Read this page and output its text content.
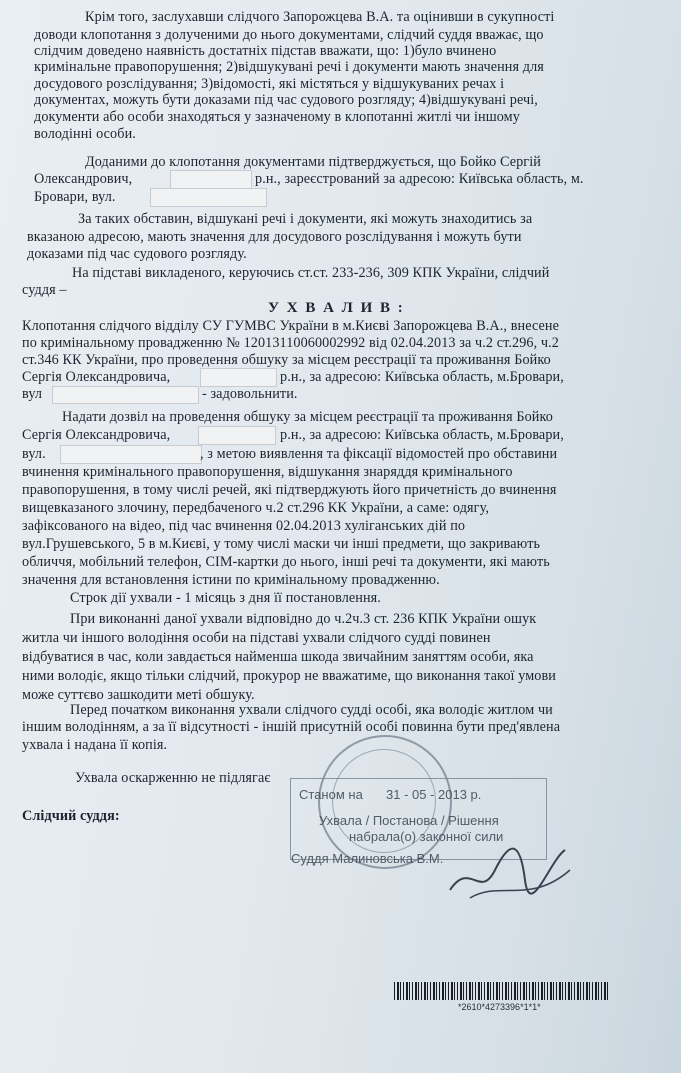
Крім того, заслухавши слідчого Запорожцева В.А. та оцінивши в сукупності
доводи клопотання з долученими до нього документами, слідчий суддя вважає, що
слідчим доведено наявність достатніх підстав вважати, що: 1)було вчинено
кримінальне правопорушення; 2)відшукувані речі і документи мають значення для
досудового розслідування; 3)відомості, які містяться у відшукуваних речах і
документах, можуть бути доказами під час судового розгляду; 4)відшукувані речі,
документи або особи знаходяться у зазначеному в клопотанні житлі чи іншому
володінні особи.
Доданими до клопотання документами підтверджується, що Бойко Сергій
Олександрович,	р.н., зареєстрований за адресою: Київська область, м.
Бровари, вул.
За таких обставин, відшукані речі і документи, які можуть знаходитись за
вказаною адресою, мають значення для досудового розслідування і можуть бути
доказами під час судового розгляду.
На підставі викладеного, керуючись ст.ст. 233-236, 309 КПК України, слідчий
суддя –
У Х В А Л И В :
Клопотання слідчого відділу СУ ГУМВС України в м.Києві Запорожцева В.А., внесене
по кримінальному провадженню № 12013110060002992 від 02.04.2013 за ч.2 ст.296, ч.2
ст.346 КК України, про проведення обшуку за місцем реєстрації та проживання Бойко
Сергія Олександровича,	р.н., за адресою: Київська область, м.Бровари,
вул	- задовольнити.
Надати дозвіл на проведення обшуку за місцем реєстрації та проживання Бойко
Сергія Олександровича,	р.н., за адресою: Київська область, м.Бровари,
вул.	, з метою виявлення та фіксації відомостей про обставини
вчинення кримінального правопорушення, відшукання знаряддя кримінального
правопорушення, в тому числі речей, які підтверджують його причетність до вчинення
вищевказаного злочину, передбаченого ч.2 ст.296 КК України, а саме: одягу,
зафіксованого на відео, під час вчинення 02.04.2013 хуліганських дій по
вул.Грушевського, 5 в м.Києві, у тому числі маски чи інші предмети, що закривають
обличчя, мобільний телефон, СІМ-картки до нього, інші речі та документи, які мають
значення для встановлення істини по кримінальному провадженню.
Строк дії ухвали - 1 місяць з дня її постановлення.
При виконанні даної ухвали відповідно до ч.2ч.3 ст. 236 КПК України ошук
житла чи іншого володіння особи на підставі ухвали слідчого судді повинен
відбуватися в час, коли завдається найменша шкода звичайним заняттям особи, яка
ними володіє, якщо тільки слідчий, прокурор не вважатиме, що виконання такої умови
може суттєво зашкодити меті обшуку.
Перед початком виконання ухвали слідчого судді особі, яка володіє житлом чи
іншим володінням, а за її відсутності - іншій присутній особі повинна бути пред'явлена
ухвала і надана її копія.
Ухвала оскарженню не підлягає
Слідчий суддя:
Станом на 31 - 05 - 2013 р.
Ухвала / Постанова / Рішення
набрала(о) законної сили
Суддя Малиновська В.М.
*2610*4273396*1*1*
